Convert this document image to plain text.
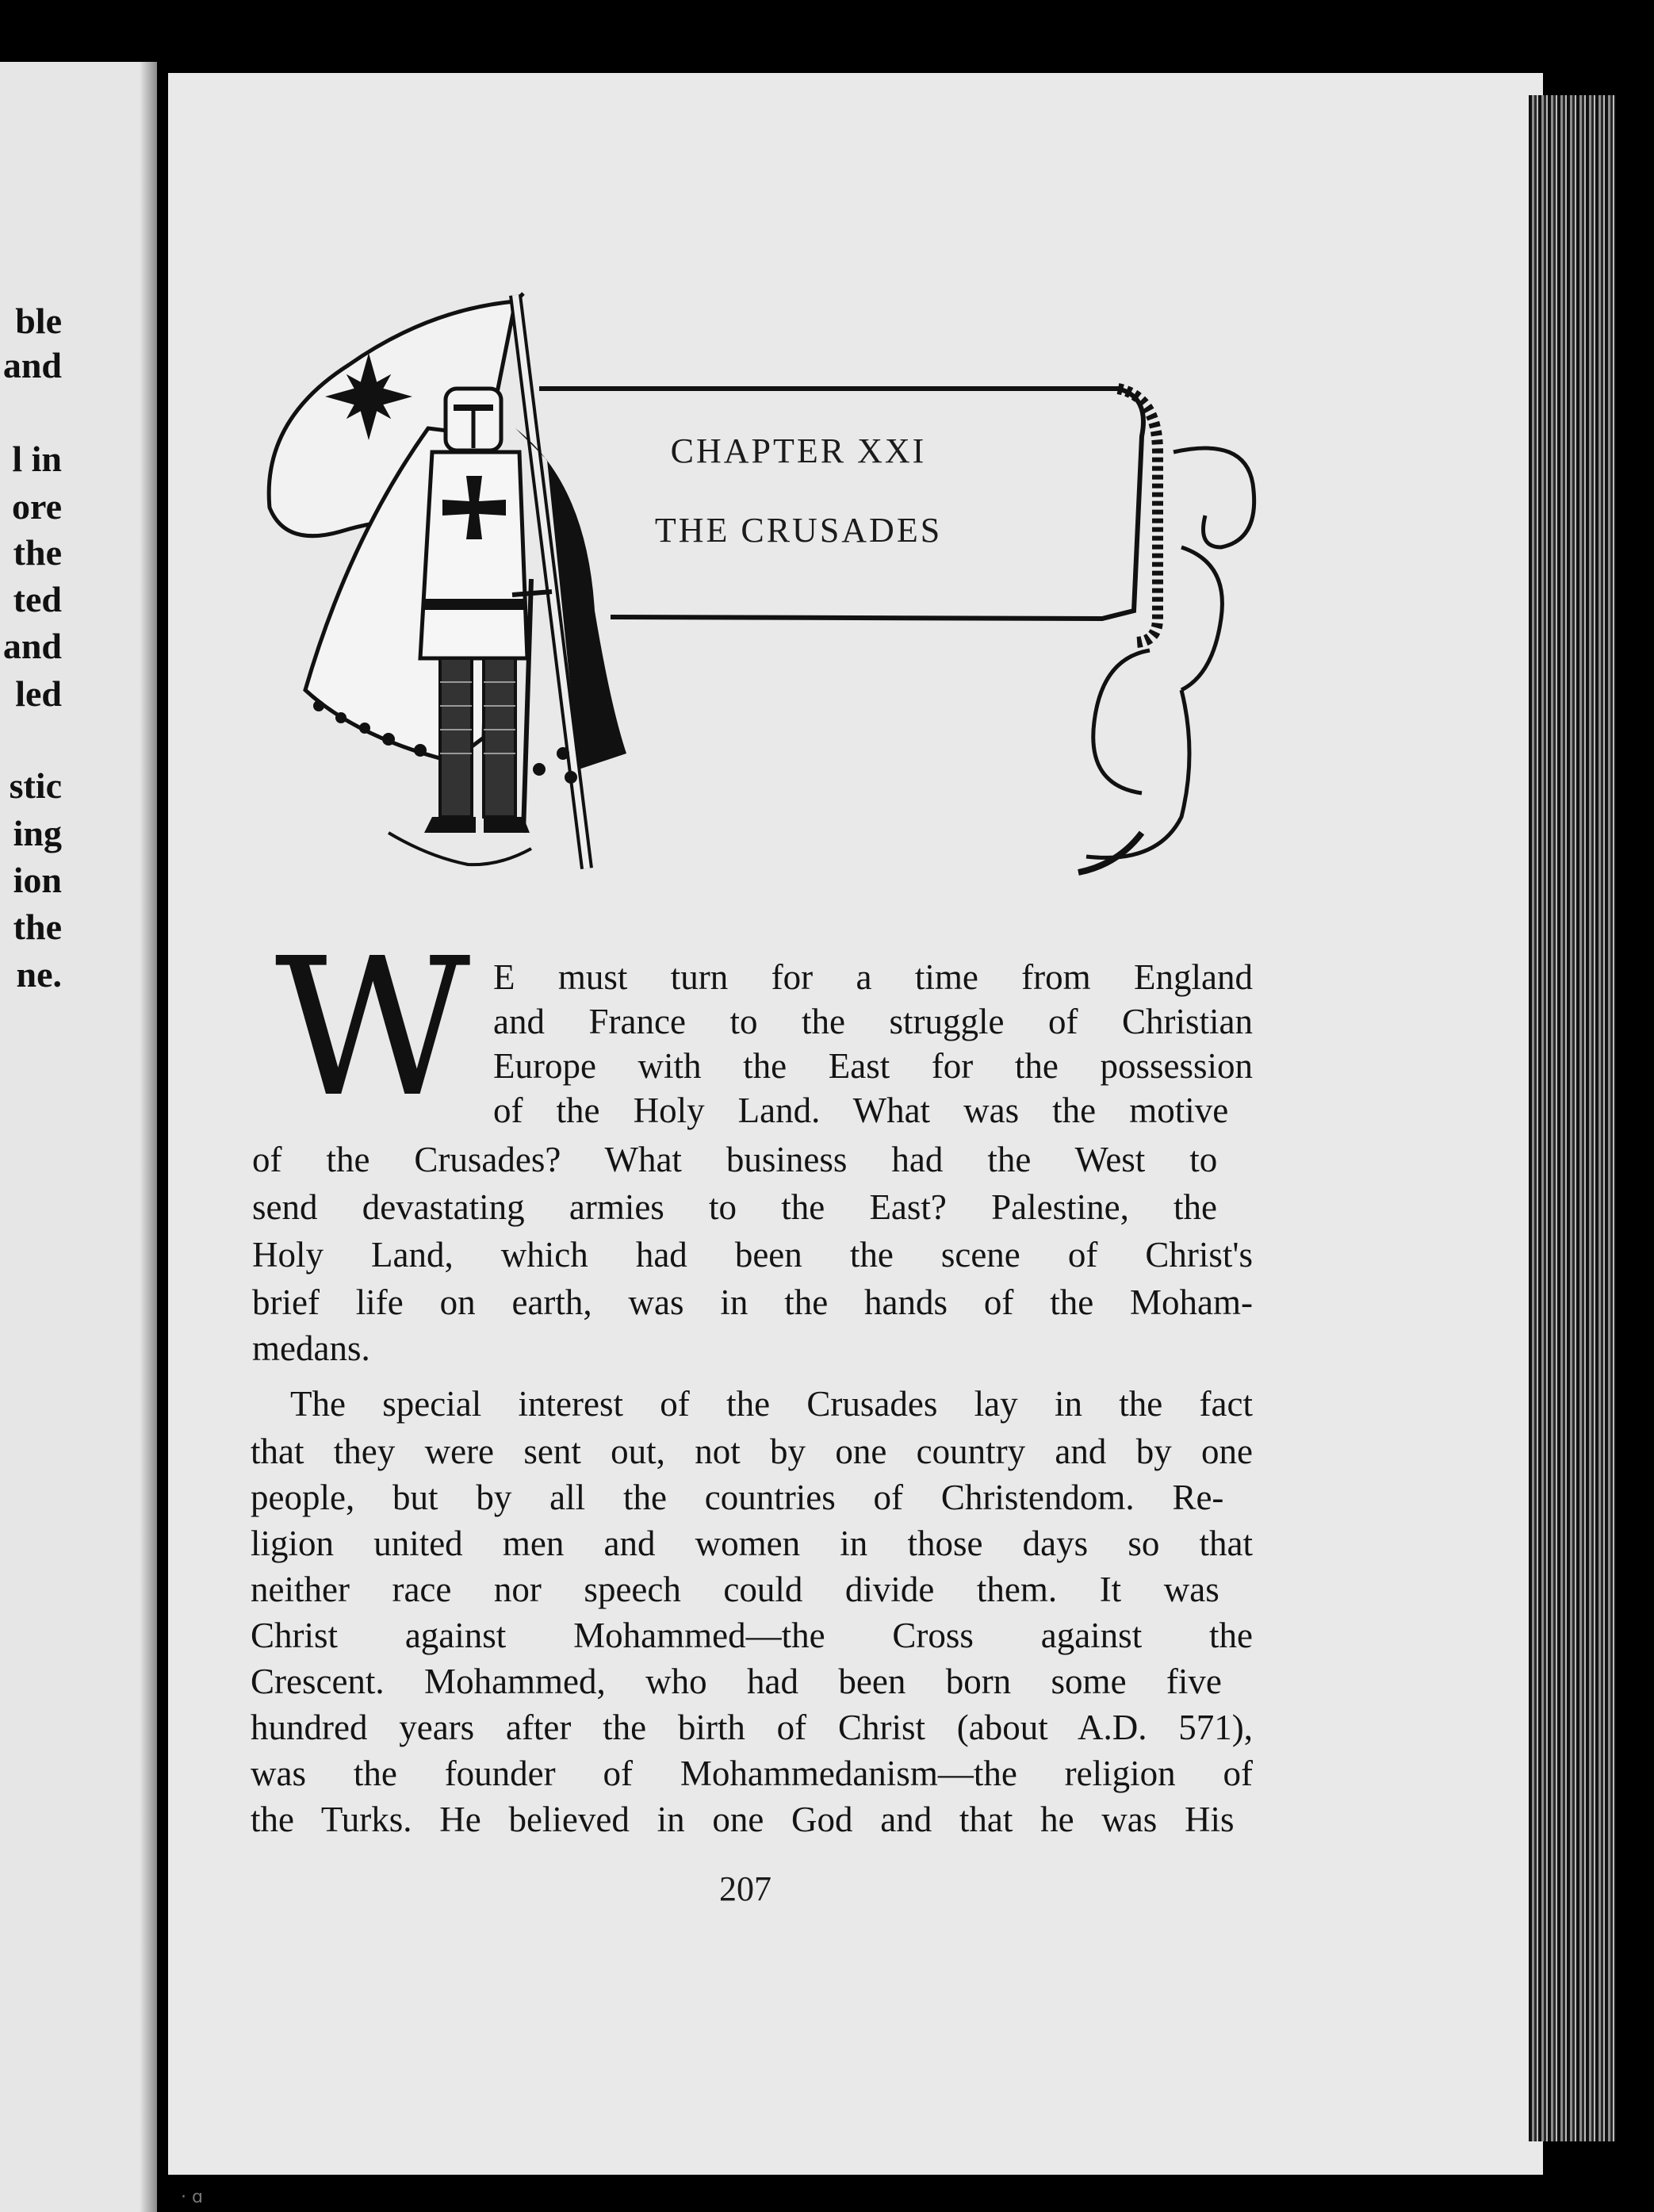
ble
and
l in
ore
the
ted
and
led
stic
ing
ion
the
ne.
CHAPTER XXI
THE CRUSADES
W E must turn for a time from England

and France to the struggle of Christian

Europe with the East for the possession

of the Holy Land. What was the motive

of the Crusades? What business had the West to

send devastating armies to the East? Palestine, the

Holy Land, which had been the scene of Christ's

brief life on earth, was in the hands of the Moham-

medans.

The special interest of the Crusades lay in the fact

that they were sent out, not by one country and by one

people, but by all the countries of Christendom. Re-

ligion united men and women in those days so that

neither race nor speech could divide them. It was

Christ against Mohammed—the Cross against the

Crescent. Mohammed, who had been born some five

hundred years after the birth of Christ (about A.D. 571),

was the founder of Mohammedanism—the religion of

the Turks. He believed in one God and that he was His

207
· ɑ
